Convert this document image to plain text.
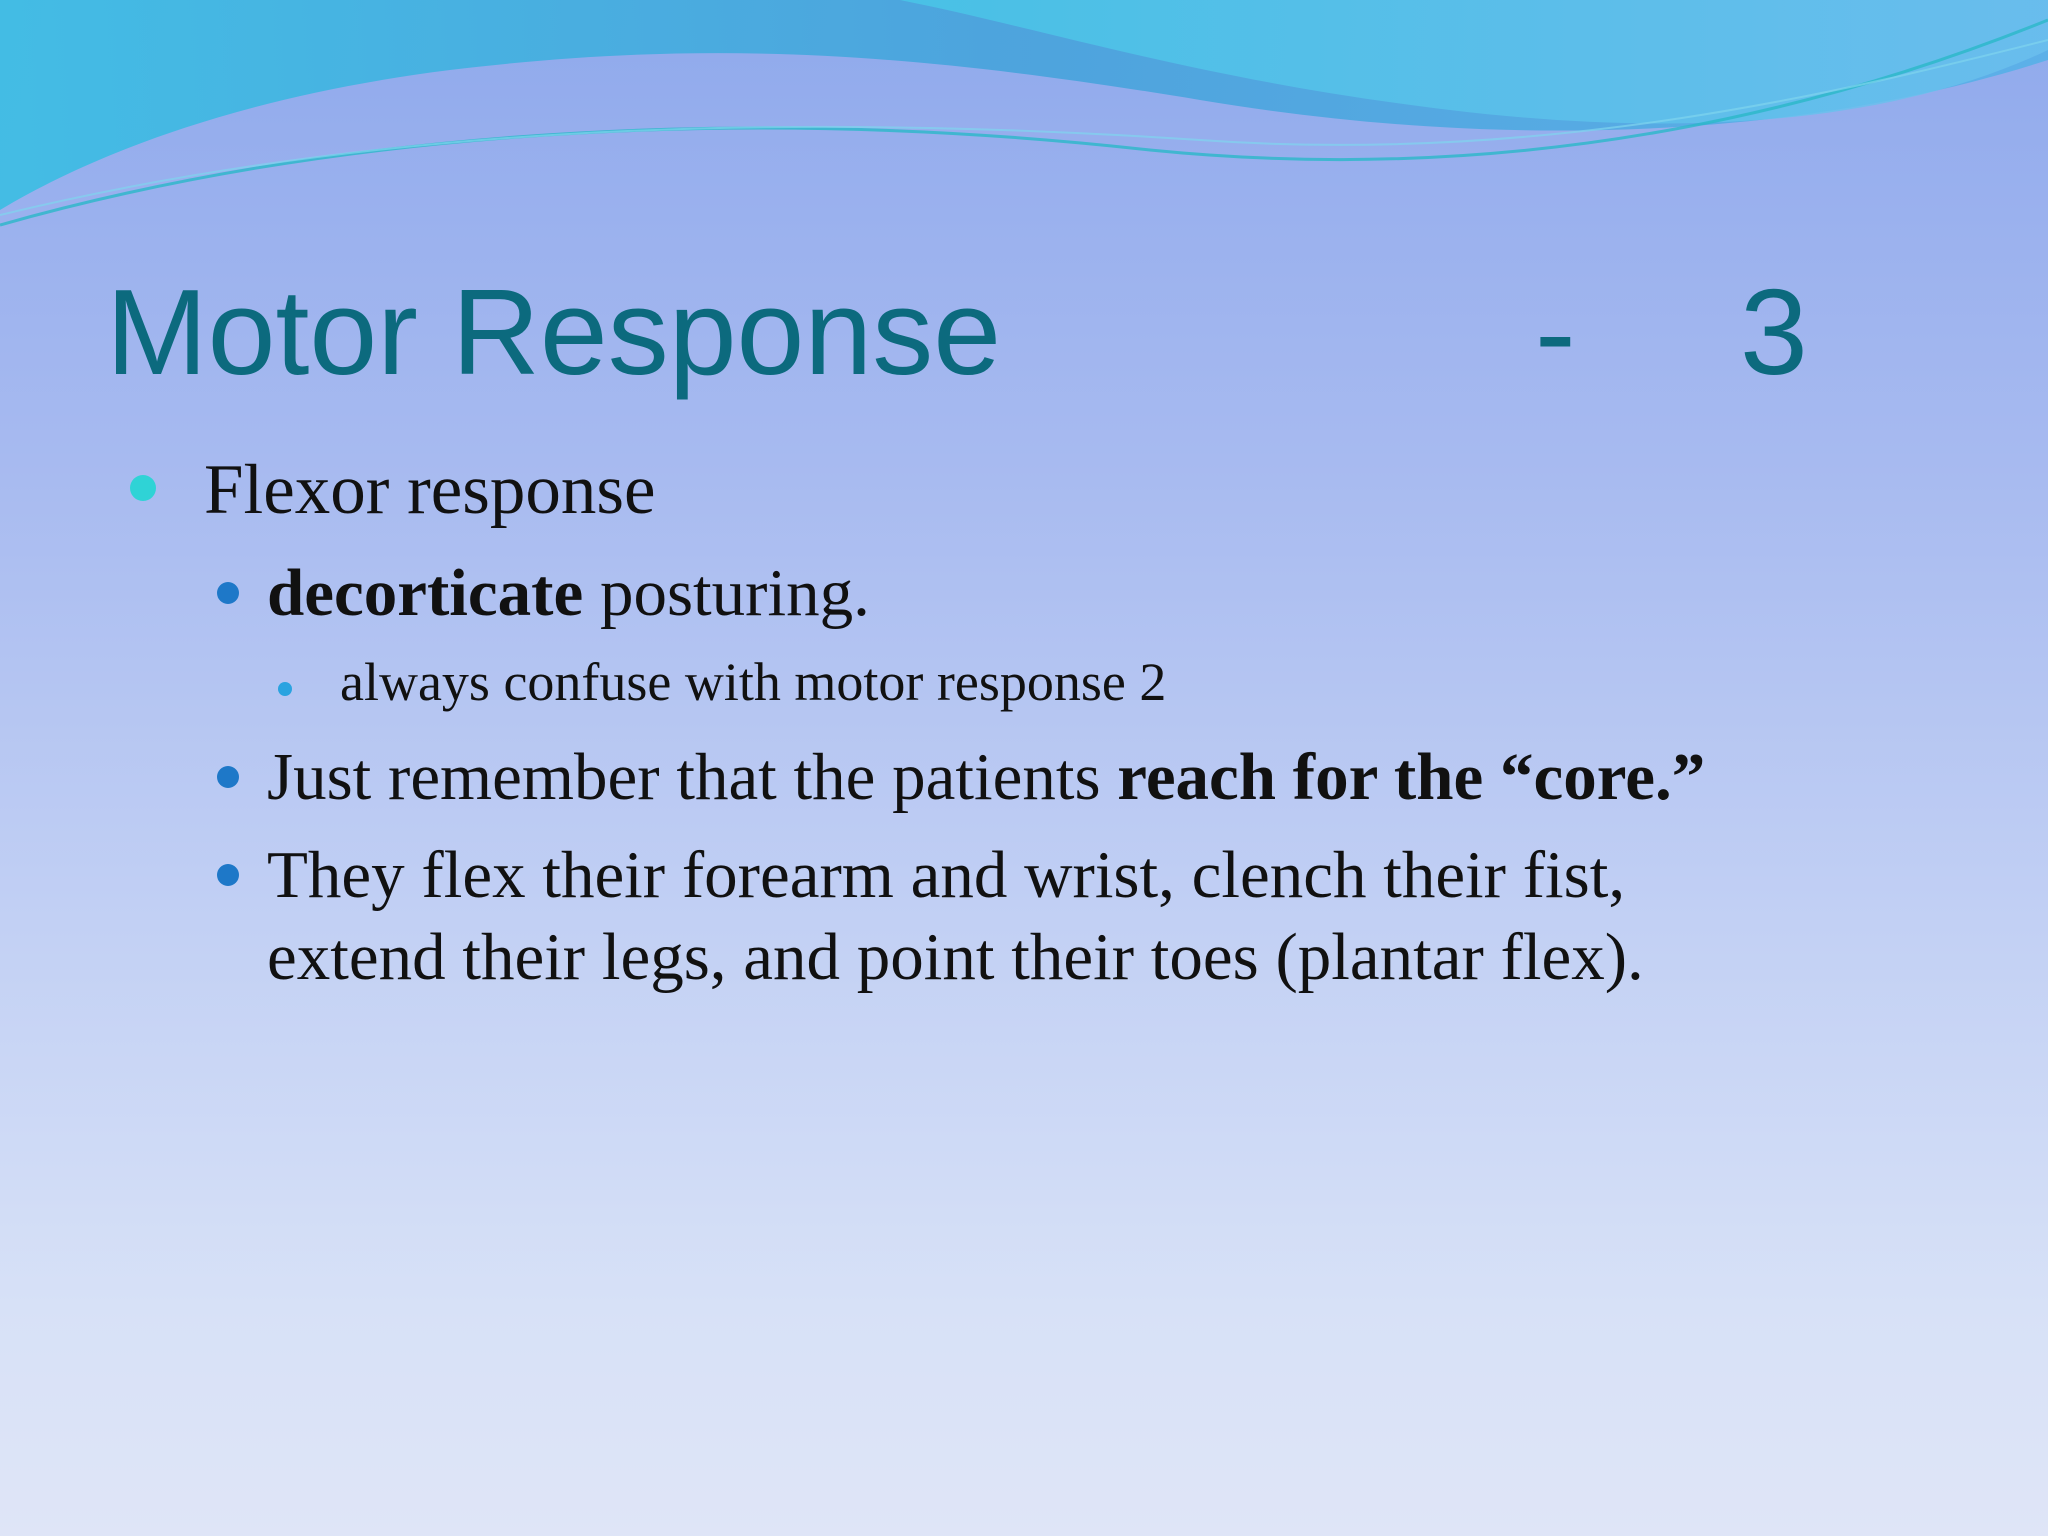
Motor Response	- 3
Flexor response
decorticate posturing.
always confuse with motor response 2
Just remember that the patients reach for the “core.”
They flex their forearm and wrist, clench their fist,
extend their legs, and point their toes (plantar flex).
